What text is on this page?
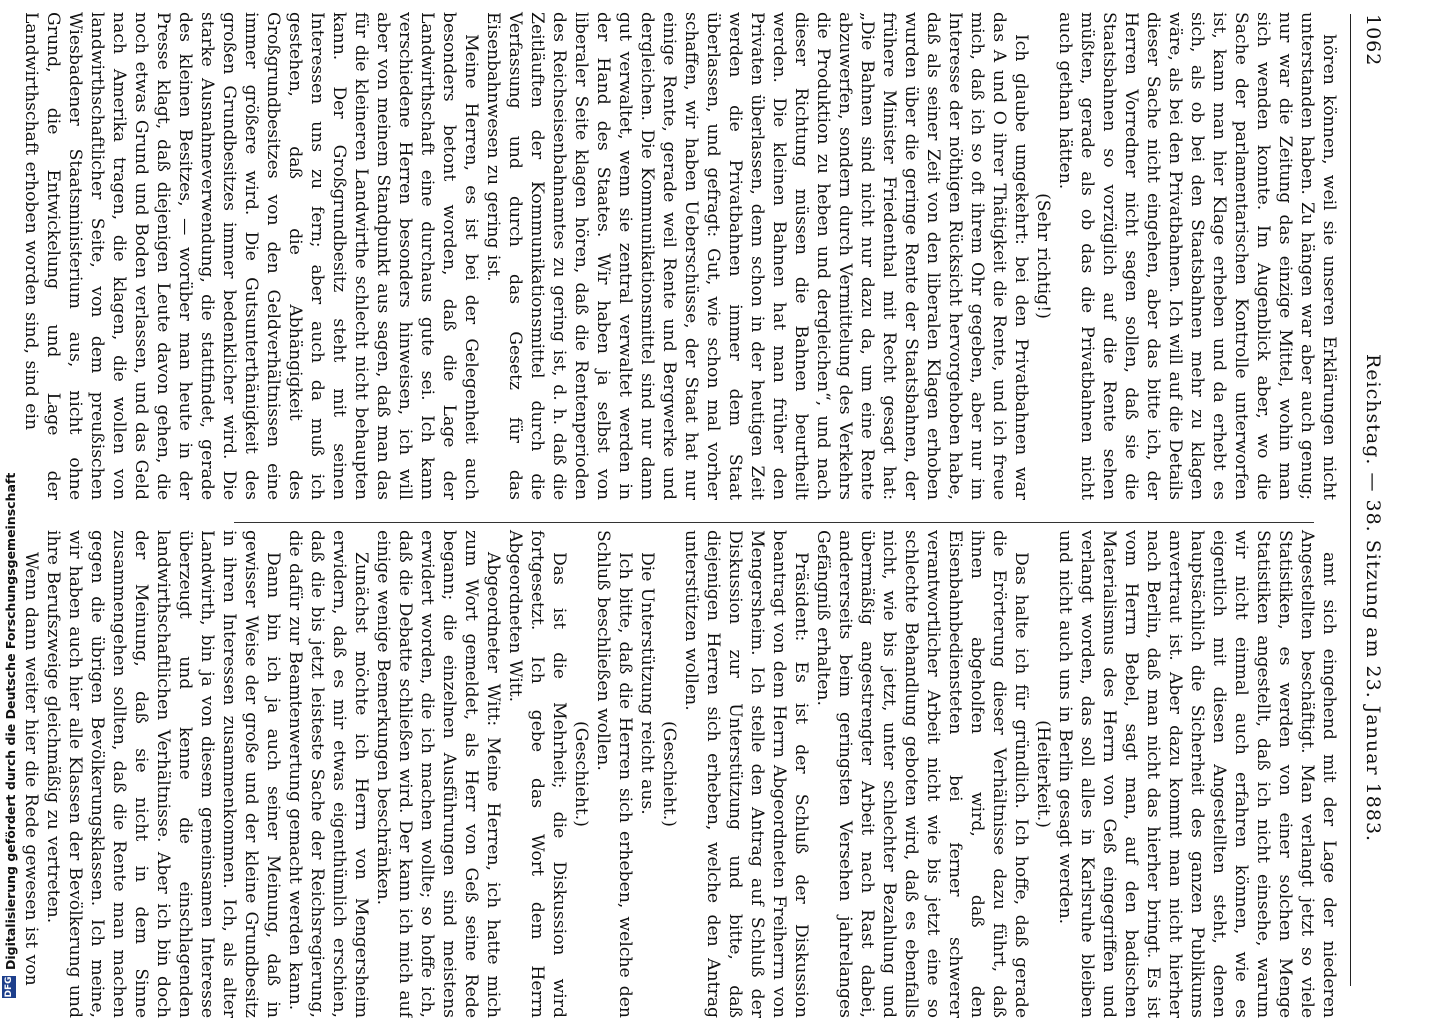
1062
Reichstag. — 38. Sitzung am 23. Januar 1883.

hören können, weil sie unseren Erklärungen nicht unterstanden haben. Zu hängen war aber auch genug; nur war die Zeitung das einzige Mittel, wohin man sich wenden konnte. Im Augenblick aber, wo die Sache der parlamentarischen Kontrolle unterworfen ist, kann man hier Klage erheben und da erhebt es sich, als ob bei den Staatsbahnen mehr zu klagen wäre, als bei den Privatbahnen. Ich will auf die Details dieser Sache nicht eingehen, aber das bitte ich, der Herren Vorredner nicht sagen sollen, daß sie die Staatsbahnen so vorzüglich auf die Rente sehen müßten, gerade als ob das die Privatbahnen nicht auch gethan hätten.

(Sehr richtig!)

Ich glaube umgekehrt: bei den Privatbahnen war das A und O ihrer Thätigkeit die Rente, und ich freue mich, daß ich so oft ihrem Ohr gegeben, aber nur im Interesse der nöthigen Rücksicht hervorgehoben habe, daß als seiner Zeit von den liberalen Klagen erhoben wurden über die geringe Rente der Staatsbahnen, der frühere Minister Friedenthal mit Recht gesagt hat: „Die Bahnen sind nicht nur dazu da, um eine Rente abzuwerfen, sondern durch Vermittelung des Verkehrs die Produktion zu heben und dergleichen“, und nach dieser Richtung müssen die Bahnen beurtheilt werden. Die kleinen Bahnen hat man früher den Privaten überlassen, denn schon in der heutigen Zeit werden die Privatbahnen immer dem Staat überlassen, und gefragt: Gut, wie schon mal vorher schaffen, wir haben Ueberschüsse, der Staat hat nur einige Rente, gerade weil Rente und Bergwerke und dergleichen. Die Kommunikationsmittel sind nur dann gut verwaltet, wenn sie zentral verwaltet werden in der Hand des Staates. Wir haben ja selbst von liberaler Seite klagen hören, daß die Rentenperioden des Reichseisenbahnamtes zu gering ist, d. h. daß die Zeitläuften der Kommunikationsmittel durch die Verfassung und durch das Gesetz für das Eisenbahnwesen zu gering ist.

Meine Herren, es ist bei der Gelegenheit auch besonders betont worden, daß die Lage der Landwirthschaft eine durchaus gute sei. Ich kann verschiedene Herren besonders hinweisen, ich will aber von meinem Standpunkt aus sagen, daß man das für die kleineren Landwirthe schlecht nicht behaupten kann. Der Großgrundbesitz steht mit seinen Interessen uns zu fern; aber auch da muß ich gestehen, daß die Abhängigkeit des Großgrundbesitzes von den Geldverhältnissen eine immer größere wird. Die Gutsunterthänigkeit des großen Grundbesitzes immer bedenklicher wird. Die starke Ausnahmeverwendung, die stattfindet, gerade des kleinen Besitzes, — worüber man heute in der Presse klagt, daß diejenigen Leute davon gehen, die noch etwas Grund und Boden verlassen, und das Geld nach Amerika tragen, die klagen, die wollen von landwirthschaftlicher Seite, von dem preußischen Wiesbadener Staatsministerium aus, nicht ohne Grund, die Entwickelung und Lage der Landwirthschaft erhoben worden sind, sind ein

amt sich eingehend mit der Lage der niederen Angestellten beschäftigt. Man verlangt jetzt so viele Statistiken, es werden von einer solchen Menge Statistiken angestellt, daß ich nicht einsehe, warum wir nicht einmal auch erfahren können, wie es eigentlich mit diesen Angestellten steht, denen hauptsächlich die Sicherheit des ganzen Publikums anvertraut ist. Aber dazu kommt man nicht hierher nach Berlin, daß man nicht das hierher bringt. Es ist vom Herrn Bebel, sagt man, auf den badischen Materialismus des Herrn von Geß eingegriffen und verlangt worden, das soll alles in Karlsruhe bleiben und nicht auch uns in Berlin gesagt werden.

(Heiterkeit.)

Das halte ich für gründlich. Ich hoffe, daß gerade die Erörterung dieser Verhältnisse dazu führt, daß ihnen abgeholfen wird, daß den Eisenbahnbediensteten bei ferner schwerer verantwortlicher Arbeit nicht wie bis jetzt eine so schlechte Behandlung geboten wird, daß es ebenfalls nicht, wie bis jetzt, unter schlechter Bezahlung und übermäßig angestrengter Arbeit nach Rast dabei, andererseits beim geringsten Versehen jahrelanges Gefängniß erhalten.

Präsident: Es ist der Schluß der Diskussion beantragt von dem Herrn Abgeordneten Freiherrn von Mengersheim. Ich stelle den Antrag auf Schluß der Diskussion zur Unterstützung und bitte, daß diejenigen Herren sich erheben, welche den Antrag unterstützen wollen.

(Geschieht.)

Die Unterstützung reicht aus.

Ich bitte, daß die Herren sich erheben, welche den Schluß beschließen wollen.

(Geschieht.)

Das ist die Mehrheit; die Diskussion wird fortgesetzt. Ich gebe das Wort dem Herrn Abgeordneten Witt.

Abgeordneter Witt: Meine Herren, ich hatte mich zum Wort gemeldet, als Herr von Geß seine Rede begann; die einzelnen Ausführungen sind meistens erwidert worden, die ich machen wollte; so hoffe ich, daß die Debatte schließen wird. Der kann ich mich auf einige wenige Bemerkungen beschränken.

Zunächst möchte ich Herrn von Mengersheim erwidern, daß es mir etwas eigenthümlich erschien, daß die bis jetzt leisteste Sache der Reichsregierung, die dafür zur Beamtenwertung gemacht werden kann.

Dann bin ich ja auch seiner Meinung, daß in gewisser Weise der große und der kleine Grundbesitz in ihren Interessen zusammenkommen. Ich, als alter Landwirth, bin ja von diesem gemeinsamen Interesse überzeugt und kenne die einschlagenden landwirthschaftlichen Verhältnisse. Aber ich bin doch der Meinung, daß sie nicht in dem Sinne zusammengehen sollten, daß die Rente man machen gegen die übrigen Bevölkerungsklassen. Ich meine, wir haben auch hier alle Klassen der Bevölkerung und ihre Berufszweige gleichmäßig zu vertreten.

Wenn dann weiter hier die Rede gewesen ist von

DFG
Digitalisierung gefördert durch die Deutsche Forschungsgemeinschaft
